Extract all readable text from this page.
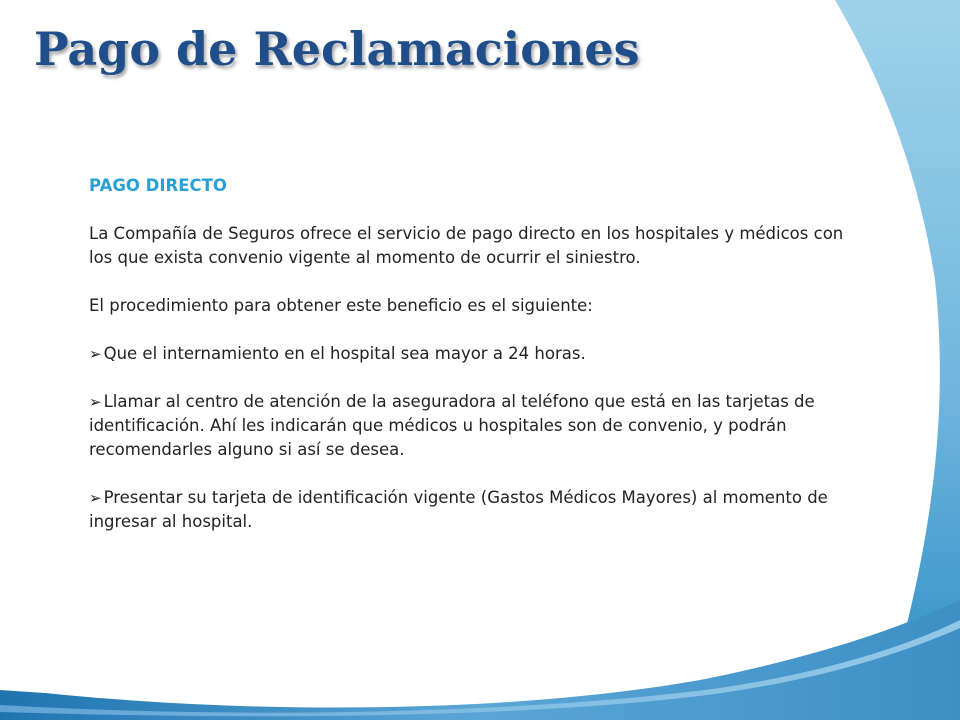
Pago de Reclamaciones

PAGO DIRECTO

La Compañía de Seguros ofrece el servicio de pago directo en los hospitales y médicos con los que exista convenio vigente al momento de ocurrir el siniestro.

El procedimiento para obtener este beneficio es el siguiente:

➢ Que el internamiento en el hospital sea mayor a 24 horas.
➢ Llamar al centro de atención de la aseguradora al teléfono que está en las tarjetas de identificación. Ahí les indicarán que médicos u hospitales son de convenio, y podrán recomendarles alguno si así se desea.
➢ Presentar su tarjeta de identificación vigente (Gastos Médicos Mayores) al momento de ingresar al hospital.
